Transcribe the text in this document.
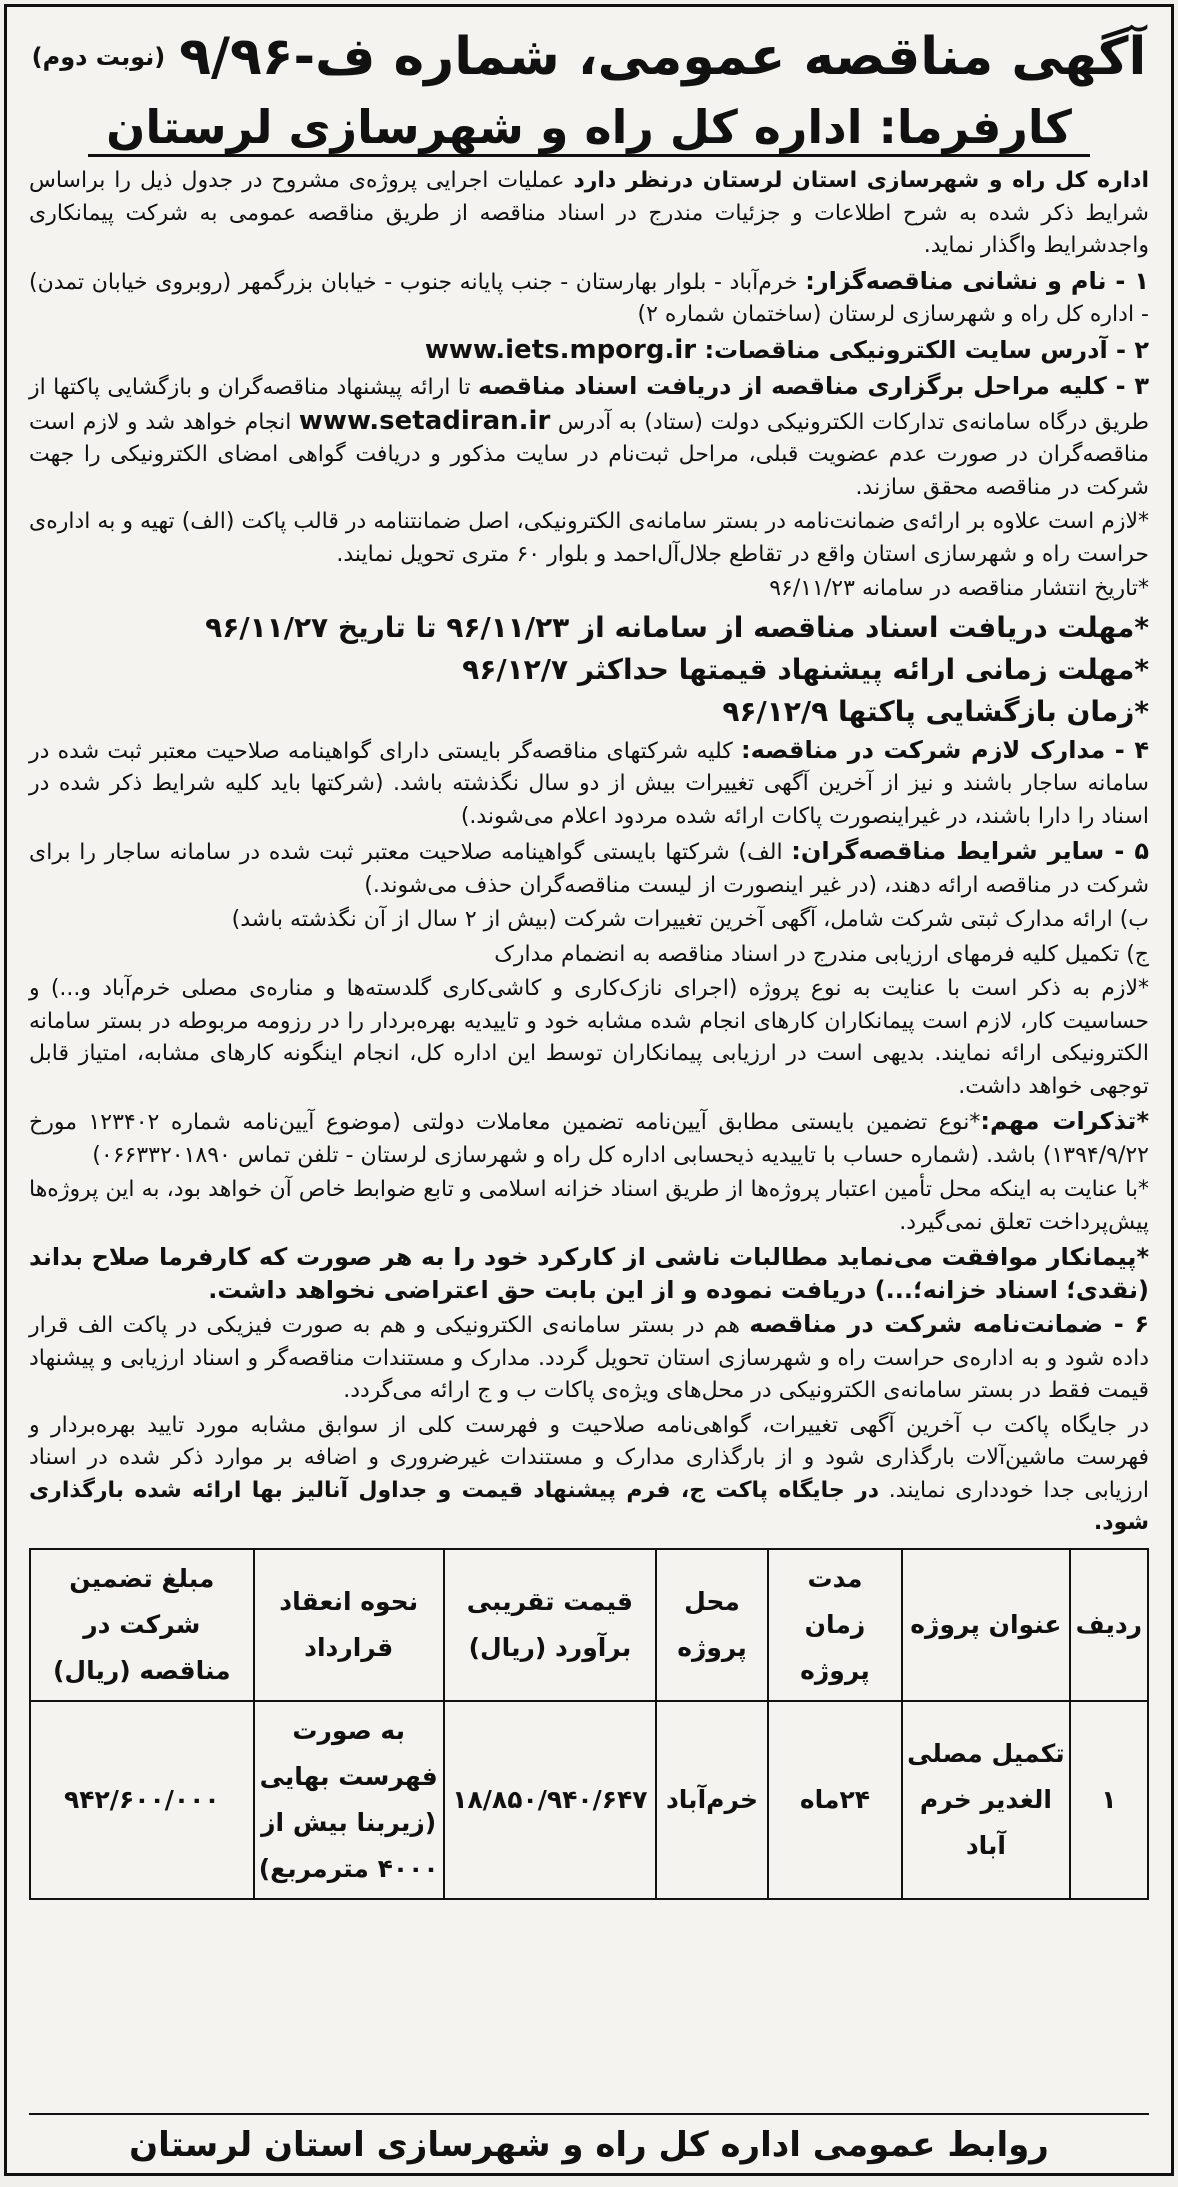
آگهی مناقصه عمومی، شماره ف-۹/۹۶
(نوبت دوم)
کارفرما: اداره کل راه و شهرسازی لرستان

اداره کل راه و شهرسازی استان لرستان درنظر دارد عملیات اجرایی پروژه‌ی مشروح در جدول ذیل را براساس شرایط ذکر شده به شرح اطلاعات و جزئیات مندرج در اسناد مناقصه از طریق مناقصه عمومی به شرکت پیمانکاری واجدشرایط واگذار نماید.

۱ - نام و نشانی مناقصه‌گزار: خرم‌آباد - بلوار بهارستان - جنب پایانه جنوب - خیابان بزرگمهر (روبروی خیابان تمدن) - اداره کل راه و شهرسازی لرستان (ساختمان شماره ۲)

۲ - آدرس سایت الکترونیکی مناقصات: www.iets.mporg.ir

۳ - کلیه مراحل برگزاری مناقصه از دریافت اسناد مناقصه تا ارائه پیشنهاد مناقصه‌گران و بازگشایی پاکتها از طریق درگاه سامانه‌ی تدارکات الکترونیکی دولت (ستاد) به آدرس www.setadiran.ir انجام خواهد شد و لازم است مناقصه‌گران در صورت عدم عضویت قبلی، مراحل ثبت‌نام در سایت مذکور و دریافت گواهی امضای الکترونیکی را جهت شرکت در مناقصه محقق سازند.

*لازم است علاوه بر ارائه‌ی ضمانت‌نامه در بستر سامانه‌ی الکترونیکی، اصل ضمانتنامه در قالب پاکت (الف) تهیه و به اداره‌ی حراست راه و شهرسازی استان واقع در تقاطع جلال‌آل‌احمد و بلوار ۶۰ متری تحویل نمایند.

*تاریخ انتشار مناقصه در سامانه ۹۶/۱۱/۲۳

*مهلت دریافت اسناد مناقصه از سامانه از ۹۶/۱۱/۲۳ تا تاریخ ۹۶/۱۱/۲۷

*مهلت زمانی ارائه پیشنهاد قیمتها حداکثر ۹۶/۱۲/۷

*زمان بازگشایی پاکتها ۹۶/۱۲/۹

۴ - مدارک لازم شرکت در مناقصه: کلیه شرکتهای مناقصه‌گر بایستی دارای گواهینامه صلاحیت معتبر ثبت شده در سامانه ساجار باشند و نیز از آخرین آگهی تغییرات بیش از دو سال نگذشته باشد. (شرکتها باید کلیه شرایط ذکر شده در اسناد را دارا باشند، در غیراینصورت پاکات ارائه شده مردود اعلام می‌شوند.)

۵ - سایر شرایط مناقصه‌گران: الف) شرکتها بایستی گواهینامه صلاحیت معتبر ثبت شده در سامانه ساجار را برای شرکت در مناقصه ارائه دهند، (در غیر اینصورت از لیست مناقصه‌گران حذف می‌شوند.)

ب) ارائه مدارک ثبتی شرکت شامل، آگهی آخرین تغییرات شرکت (بیش از ۲ سال از آن نگذشته باشد)

ج) تکمیل کلیه فرمهای ارزیابی مندرج در اسناد مناقصه به انضمام مدارک

*لازم به ذکر است با عنایت به نوع پروژه (اجرای نازک‌کاری و کاشی‌کاری گلدسته‌ها و مناره‌ی مصلی خرم‌آباد و...) و حساسیت کار، لازم است پیمانکاران کارهای انجام شده مشابه خود و تاییدیه بهره‌بردار را در رزومه مربوطه در بستر سامانه الکترونیکی ارائه نمایند. بدیهی است در ارزیابی پیمانکاران توسط این اداره کل، انجام اینگونه کارهای مشابه، امتیاز قابل توجهی خواهد داشت.

*تذکرات مهم:*نوع تضمین بایستی مطابق آیین‌نامه تضمین معاملات دولتی (موضوع آیین‌نامه شماره ۱۲۳۴۰۲ مورخ ۱۳۹۴/۹/۲۲) باشد. (شماره حساب با تاییدیه ذیحسابی اداره کل راه و شهرسازی لرستان - تلفن تماس ۰۶۶۳۳۲۰۱۸۹۰)

*با عنایت به اینکه محل تأمین اعتبار پروژه‌ها از طریق اسناد خزانه اسلامی و تابع ضوابط خاص آن خواهد بود، به این پروژه‌ها پیش‌پرداخت تعلق نمی‌گیرد.

*پیمانکار موافقت می‌نماید مطالبات ناشی از کارکرد خود را به هر صورت که کارفرما صلاح بداند (نقدی؛ اسناد خزانه؛...) دریافت نموده و از این بابت حق اعتراضی نخواهد داشت.

۶ - ضمانت‌نامه شرکت در مناقصه هم در بستر سامانه‌ی الکترونیکی و هم به صورت فیزیکی در پاکت الف قرار داده شود و به اداره‌ی حراست راه و شهرسازی استان تحویل گردد. مدارک و مستندات مناقصه‌گر و اسناد ارزیابی و پیشنهاد قیمت فقط در بستر سامانه‌ی الکترونیکی در محل‌های ویژه‌ی پاکات ب و ج ارائه می‌گردد.

در جایگاه پاکت ب آخرین آگهی تغییرات، گواهی‌نامه صلاحیت و فهرست کلی از سوابق مشابه مورد تایید بهره‌بردار و فهرست ماشین‌آلات بارگذاری شود و از بارگذاری مدارک و مستندات غیرضروری و اضافه بر موارد ذکر شده در اسناد ارزیابی جدا خودداری نمایند. در جایگاه پاکت ج، فرم پیشنهاد قیمت و جداول آنالیز بها ارائه شده بارگذاری شود.

ردیف	عنوان پروژه	مدت زمان پروژه	محل پروژه	قیمت تقریبی برآورد (ریال)	نحوه انعقاد قرارداد	مبلغ تضمین شرکت در مناقصه (ریال)
۱	تکمیل مصلی الغدیر خرم آباد	۲۴ماه	خرم‌آباد	۱۸/۸۵۰/۹۴۰/۶۴۷	به صورت فهرست بهایی (زیربنا بیش از ۴۰۰۰ مترمربع)	۹۴۲/۶۰۰/۰۰۰
روابط عمومی اداره کل راه و شهرسازی استان لرستان
